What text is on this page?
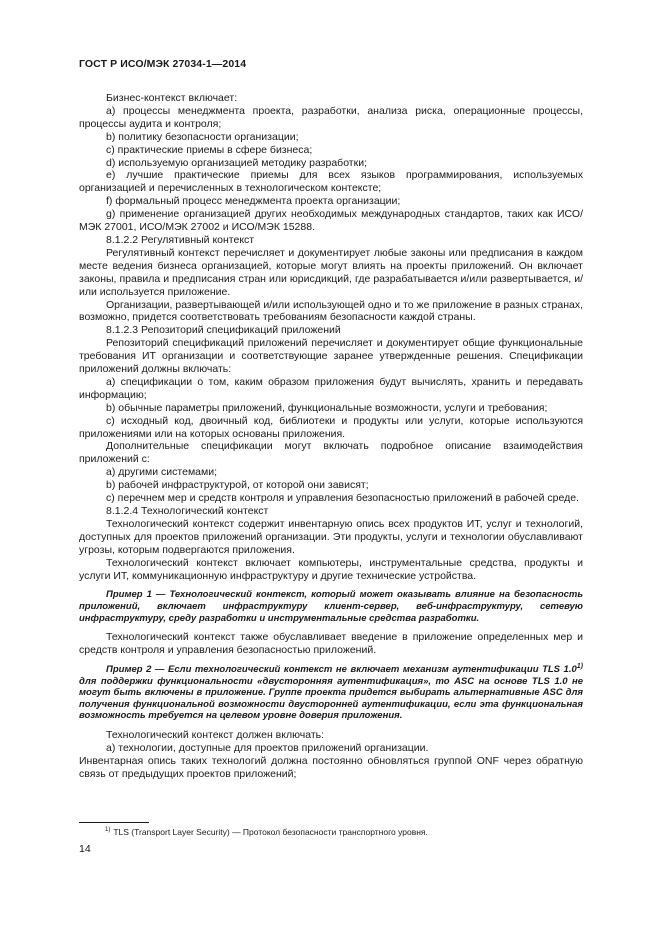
ГОСТ Р ИСО/МЭК 27034-1—2014

Бизнес-контекст включает:

a) процессы менеджмента проекта, разработки, анализа риска, операционные процессы, процессы аудита и контроля;

b) политику безопасности организации;

c) практические приемы в сфере бизнеса;

d) используемую организацией методику разработки;

e) лучшие практические приемы для всех языков программирования, используемых организацией и перечисленных в технологическом контексте;

f) формальный процесс менеджмента проекта организации;

g) применение организацией других необходимых международных стандартов, таких как ИСО/МЭК 27001, ИСО/МЭК 27002 и ИСО/МЭК 15288.

8.1.2.2 Регулятивный контекст

Регулятивный контекст перечисляет и документирует любые законы или предписания в каждом месте ведения бизнеса организацией, которые могут влиять на проекты приложений. Он включает законы, правила и предписания стран или юрисдикций, где разрабатывается и/или развертывается, и/или используется приложение.

Организации, развертывающей и/или использующей одно и то же приложение в разных странах, возможно, придется соответствовать требованиям безопасности каждой страны.

8.1.2.3 Репозиторий спецификаций приложений

Репозиторий спецификаций приложений перечисляет и документирует общие функциональные требования ИТ организации и соответствующие заранее утвержденные решения. Спецификации приложений должны включать:

a) спецификации о том, каким образом приложения будут вычислять, хранить и передавать информацию;

b) обычные параметры приложений, функциональные возможности, услуги и требования;

c) исходный код, двоичный код, библиотеки и продукты или услуги, которые используются приложениями или на которых основаны приложения.

Дополнительные спецификации могут включать подробное описание взаимодействия приложений с:

a) другими системами;

b) рабочей инфраструктурой, от которой они зависят;

c) перечнем мер и средств контроля и управления безопасностью приложений в рабочей среде.

8.1.2.4 Технологический контекст

Технологический контекст содержит инвентарную опись всех продуктов ИТ, услуг и технологий, доступных для проектов приложений организации. Эти продукты, услуги и технологии обуславливают угрозы, которым подвергаются приложения.

Технологический контекст включает компьютеры, инструментальные средства, продукты и услуги ИТ, коммуникационную инфраструктуру и другие технические устройства.

Пример 1 — Технологический контекст, который может оказывать влияние на безопасность приложений, включает инфраструктуру клиент-сервер, веб-инфраструктуру, сетевую инфраструктуру, среду разработки и инструментальные средства разработки.

Технологический контекст также обуславливает введение в приложение определенных мер и средств контроля и управления безопасностью приложений.

Пример 2 — Если технологический контекст не включает механизм аутентификации TLS 1.0$^{1)}$ для поддержки функциональности «двусторонняя аутентификация», то ASC на основе TLS 1.0 не могут быть включены в приложение. Группе проекта придется выбирать альтернативные ASC для получения функциональной возможности двусторонней аутентификации, если эта функциональная возможность требуется на целевом уровне доверия приложения.

Технологический контекст должен включать:

a) технологии, доступные для проектов приложений организации.

Инвентарная опись таких технологий должна постоянно обновляться группой ONF через обратную связь от предыдущих проектов приложений;

$^{1)}$ TLS (Transport Layer Security) — Протокол безопасности транспортного уровня.
14
